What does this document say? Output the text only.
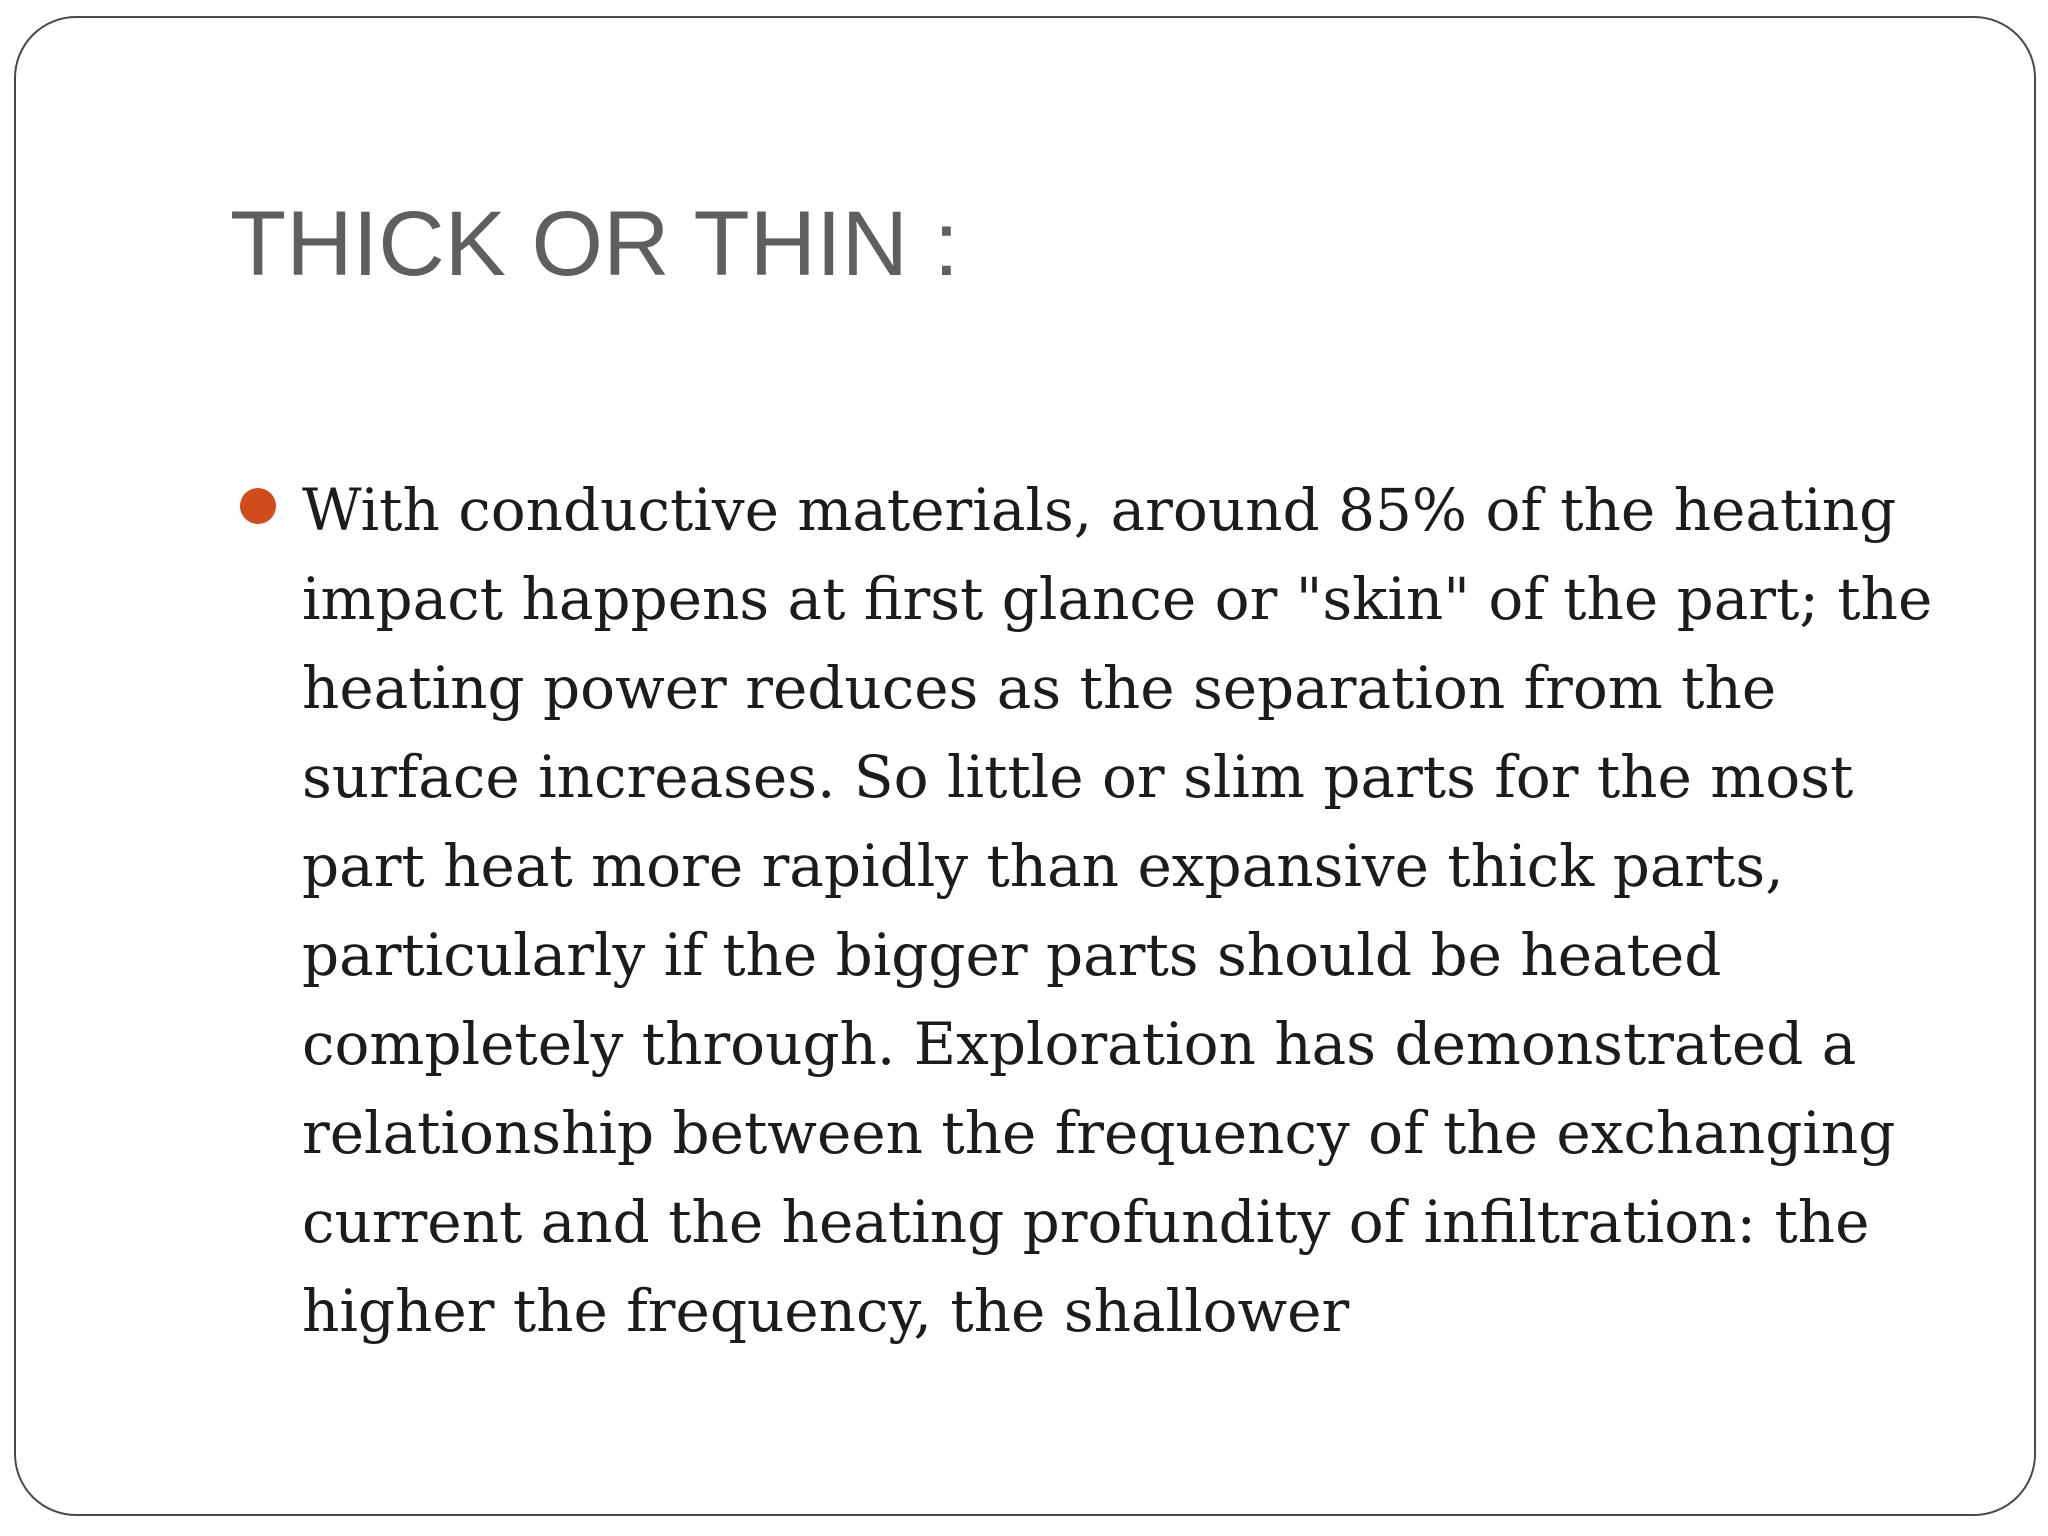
THICK OR THIN :

With conductive materials, around 85% of the heating impact happens at first glance or "skin" of the part; the heating power reduces as the separation from the surface increases. So little or slim parts for the most part heat more rapidly than expansive thick parts, particularly if the bigger parts should be heated completely through. Exploration has demonstrated a relationship between the frequency of the exchanging current and the heating profundity of infiltration: the higher the frequency, the shallower
